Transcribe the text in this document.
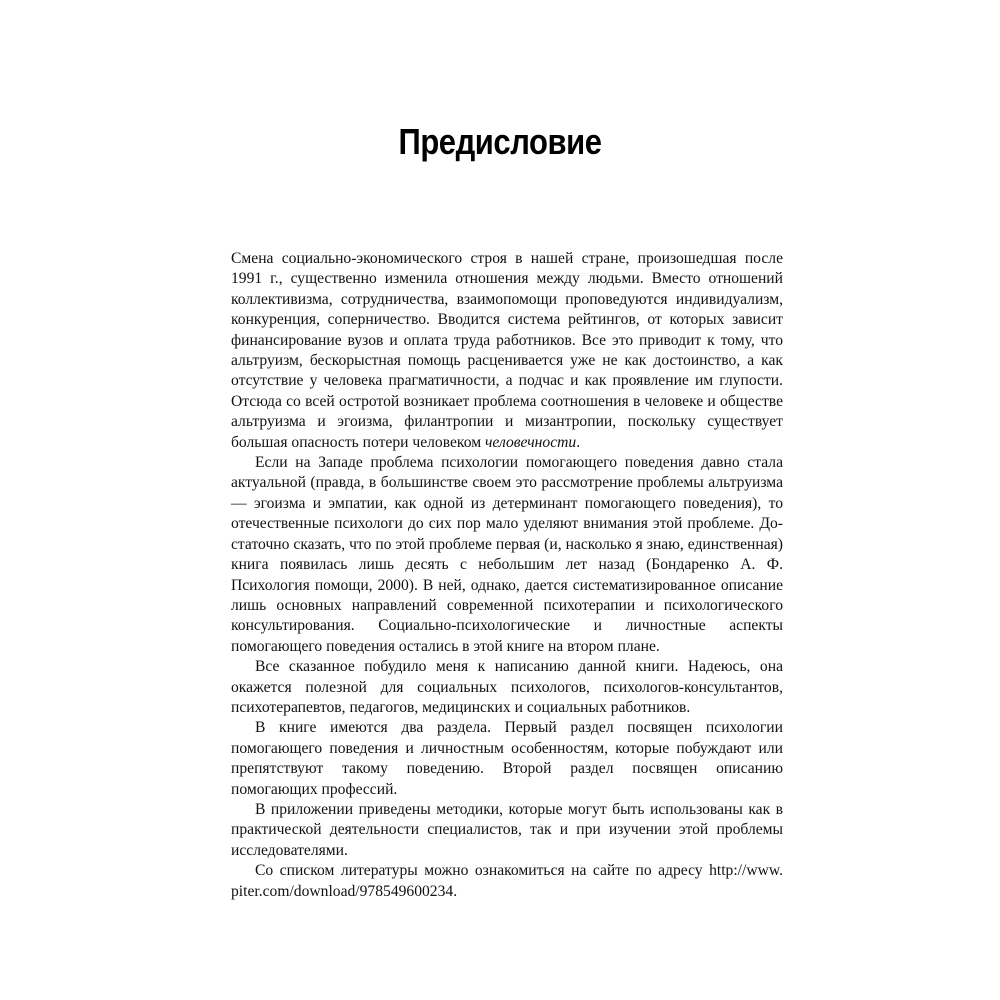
Предисловие

Смена социально-экономического строя в нашей стране, произошедшая после 1991 г., существенно изменила отношения между людьми. Вместо отношений коллективизма, сотрудничества, взаимопомощи проповедуются индивидуализм, конкуренция, соперничество. Вводится система рейтингов, от которых зависит финансирование вузов и оплата труда работников. Все это приводит к тому, что альтруизм, бескорыстная помощь расценивается уже не как достоинство, а как отсутствие у человека прагматичности, а подчас и как проявление им глупости. Отсюда со всей остротой возникает проблема соотношения в человеке и обществе альтруизма и эгоизма, филантропии и мизантропии, поскольку существует большая опасность потери человеком человечности.

Если на Западе проблема психологии помогающего поведения давно стала актуальной (правда, в большинстве своем это рассмотрение проблемы альтруизма — эгоизма и эмпатии, как одной из детерминант помогающего поведения), то отечественные психологи до сих пор мало уделяют внимания этой проблеме. Достаточно сказать, что по этой проблеме первая (и, насколько я знаю, единственная) книга появилась лишь десять с небольшим лет назад (Бондаренко А. Ф. Психология помощи, 2000). В ней, однако, дается систематизированное описание лишь основных направлений современной психотерапии и психологического консультирования. Социально-психологические и личностные аспекты помогающего поведения остались в этой книге на втором плане.

Все сказанное побудило меня к написанию данной книги. Надеюсь, она окажется полезной для социальных психологов, психологов-консультантов, психотерапевтов, педагогов, медицинских и социальных работников.

В книге имеются два раздела. Первый раздел посвящен психологии помогающего поведения и личностным особенностям, которые побуждают или препятствуют такому поведению. Второй раздел посвящен описанию помогающих профессий.

В приложении приведены методики, которые могут быть использованы как в практической деятельности специалистов, так и при изучении этой проблемы исследователями.

Со списком литературы можно ознакомиться на сайте по адресу http://www.​piter.com/download/978549600234.
